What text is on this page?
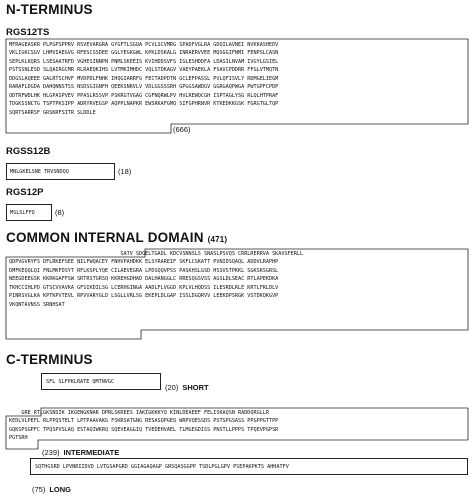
N-TERMINUS
RGS12TS
MFRAGEASKR PLPGPSPPRV RSVEVARGRA GYGFTLSGQA PCVLSCVMRG SPADFVGLRA GDQILAVNEI NVKKASHEDV
VKLIGKCSGV LHMVIAEGVG RFESCSSDEE GGLYEGKGWL KPKLDSKALG INRAERVVEE MQSGGIFNMI FENPSLCASN
SEPLKLKQRS LSESAATRFD VGHESINNPN PNMLSKEEIS KVIHDDSVFS IGLESHDDFA LDASILNVAM IVGYLGSIEL
PSTSSNLESD SLQAIRGCMR RLRAEQKIHS LVTMKIMHDC VQLSTDKAGV VAEYPAEKLA FSAVCPDDRR FFGLVTMQTN
DDGSLAQEEE GALRTSCHVF MVDPDLFNHK IHQGIARRFG FECTADPDTN GCLEFPASSL PVLQFISVLY RDMGELIEGM
RARAFLDGDA DAHQNNSTSS NSDSGIGNFH QEEKSNRVLV VDLGGSSSRH GPGGSAWDGV GGRGAQPWGA PWTGPFCPDP
QDTRFWDLHK HLGPASPVEV PPASLRSSVP PSKRGTVGAG CGFNQRWLPV HVLREWQCGH ISPTAGLYSG RLQLHTPRAF
TDGKSSNCTG TSPTPKSIPP ADRYRVEGSP AQPPLNAPKR EWSRKAFGMQ SIFGPHRNVR KTKEDKKGSK FGRGTGLTQP
SQRTSARRSF GRSKRFSITR SLDDLE
(666)
RGSS12B
MNLGKELSNE TRVSNDQQ	(18)
RGS12P
MSLSLFFQ	(8)
COMMON INTERNAL DOMAIN (471)
SATV SDGELTGADL KDCVSNNSLS SNASLPSVQS CRRLRERRVA SKAVSFERLL
QDPVGVRYFS DFLRKEFSEE NILFWQACEY FNHVPAHDKK ELSYRAREIF SKFLCSKATT PVNIDSQAQL ADDVLRAPHP
DMFKEQQLQI FNLMKFDSYT RFLKSPLYQE CILAEVEGRA LPDSQQVPSS PASKHSLGSD HSSVSTPKKL SGKSKSGRSL
NEEGDEEGSK KKRKGAFFSW SRTRSTGRSQ KKREHGDHAD DALHANGGLC RRESQGSVSS AGSLDLSEAC RTLAPEKDKA
TKHCCIHLPD GTSCVVAVKA GFSIKDILSG LCERHGINGA AADLFLVGGD KPLVLHQDSS ILESRDLRLE KRTLFRLDLV
PINRSVGLKA KPTKPVTEVL RPVVARYGLD LSGLLVRLSG EKEPLDLGAP ISSLDGQRVV LEEKDPSRGK VSTDKQKGVP
VKQNTAVNSS SRNHSAT
C-TERMINUS
SFL SLFPKLRATE QMTNVGC
(20) SHORT
GRE RTLGKSNSIK IKGENGKNAR DPRLSKREES IAKIGKKKYQ KINLDEAEEF FELISKAQSN RADDQRGLLR
KEDLVLPEFL RLPPQSTELT LPTPAAVAKG FSKRSATGNG RESASQPGEQ WRPVQESSDS PSTSPGSASS PPGPPGTTPP
GQKSPSGPFC TPQSPVSLAQ ESTAQIWKRQ SQEVEAGGIQ TVEDEHVAEL TLMGEGDISS PNSTLLPPPS TPQEVPGPSR
PGTSRH
(239) INTERMEDIATE
SQTHGSRD LPVNRIIDVD LVTGSAPGRD GGIAGAQAGP GRSQASGGPP TSDLPGLGPV PSEPAKPKTS AHHATFV
(75) LONG
